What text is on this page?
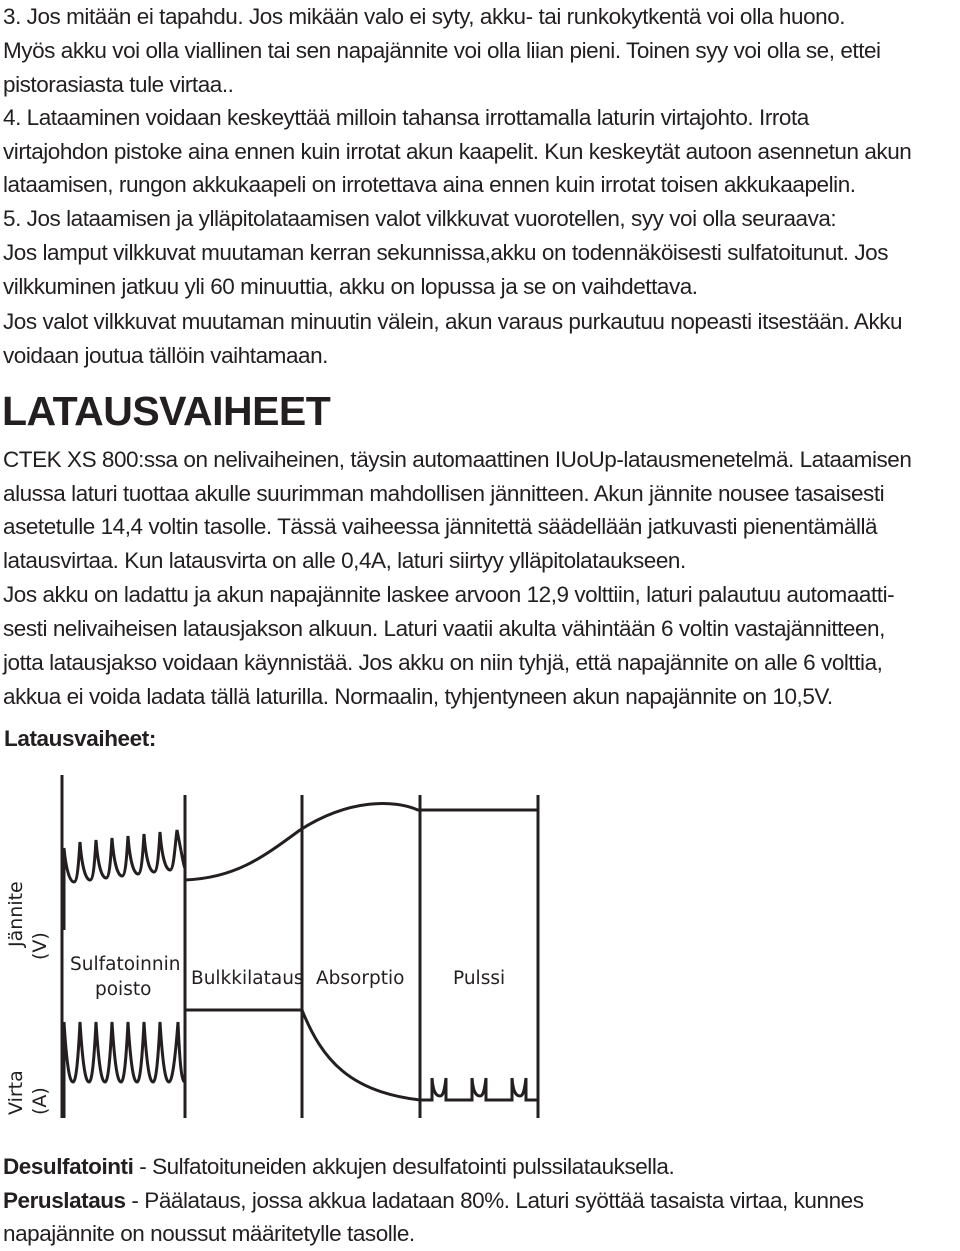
3. Jos mitään ei tapahdu. Jos mikään valo ei syty, akku- tai runkokytkentä voi olla huono.

Myös akku voi olla viallinen tai sen napajännite voi olla liian pieni. Toinen syy voi olla se, ettei

pistorasiasta tule virtaa..

4. Lataaminen voidaan keskeyttää milloin tahansa irrottamalla laturin virtajohto. Irrota

virtajohdon pistoke aina ennen kuin irrotat akun kaapelit. Kun keskeytät autoon asennetun akun

lataamisen, rungon akkukaapeli on irrotettava aina ennen kuin irrotat toisen akkukaapelin.

5. Jos lataamisen ja ylläpitolataamisen valot vilkkuvat vuorotellen, syy voi olla seuraava:

Jos lamput vilkkuvat muutaman kerran sekunnissa,akku on todennäköisesti sulfatoitunut. Jos

vilkkuminen jatkuu yli 60 minuuttia, akku on lopussa ja se on vaihdettava.

Jos valot vilkkuvat muutaman minuutin välein, akun varaus purkautuu nopeasti itsestään. Akku

voidaan joutua tällöin vaihtamaan.

LATAUSVAIHEET

CTEK XS 800:ssa on nelivaiheinen, täysin automaattinen IUoUp-latausmenetelmä. Lataamisen

alussa laturi tuottaa akulle suurimman mahdollisen jännitteen. Akun jännite nousee tasaisesti

asetetulle 14,4 voltin tasolle. Tässä vaiheessa jännitettä säädellään jatkuvasti pienentämällä

latausvirtaa. Kun latausvirta on alle 0,4A, laturi siirtyy ylläpitolataukseen.

Jos akku on ladattu ja akun napajännite laskee arvoon 12,9 volttiin, laturi palautuu automaatti-

sesti nelivaiheisen latausjakson alkuun. Laturi vaatii akulta vähintään 6 voltin vastajännitteen,

jotta latausjakso voidaan käynnistää. Jos akku on niin tyhjä, että napajännite on alle 6 volttia,

akkua ei voida ladata tällä laturilla. Normaalin, tyhjentyneen akun napajännite on 10,5V.

Latausvaiheet:
Sulfatoinnin
poisto
Bulkkilataus Absorptio	Pulssi
Jännite (V)
Virta (A)

Desulfatointi - Sulfatoituneiden akkujen desulfatointi pulssilatauksella.

Peruslataus - Päälataus, jossa akkua ladataan 80%. Laturi syöttää tasaista virtaa, kunnes

napajännite on noussut määritetylle tasolle.
